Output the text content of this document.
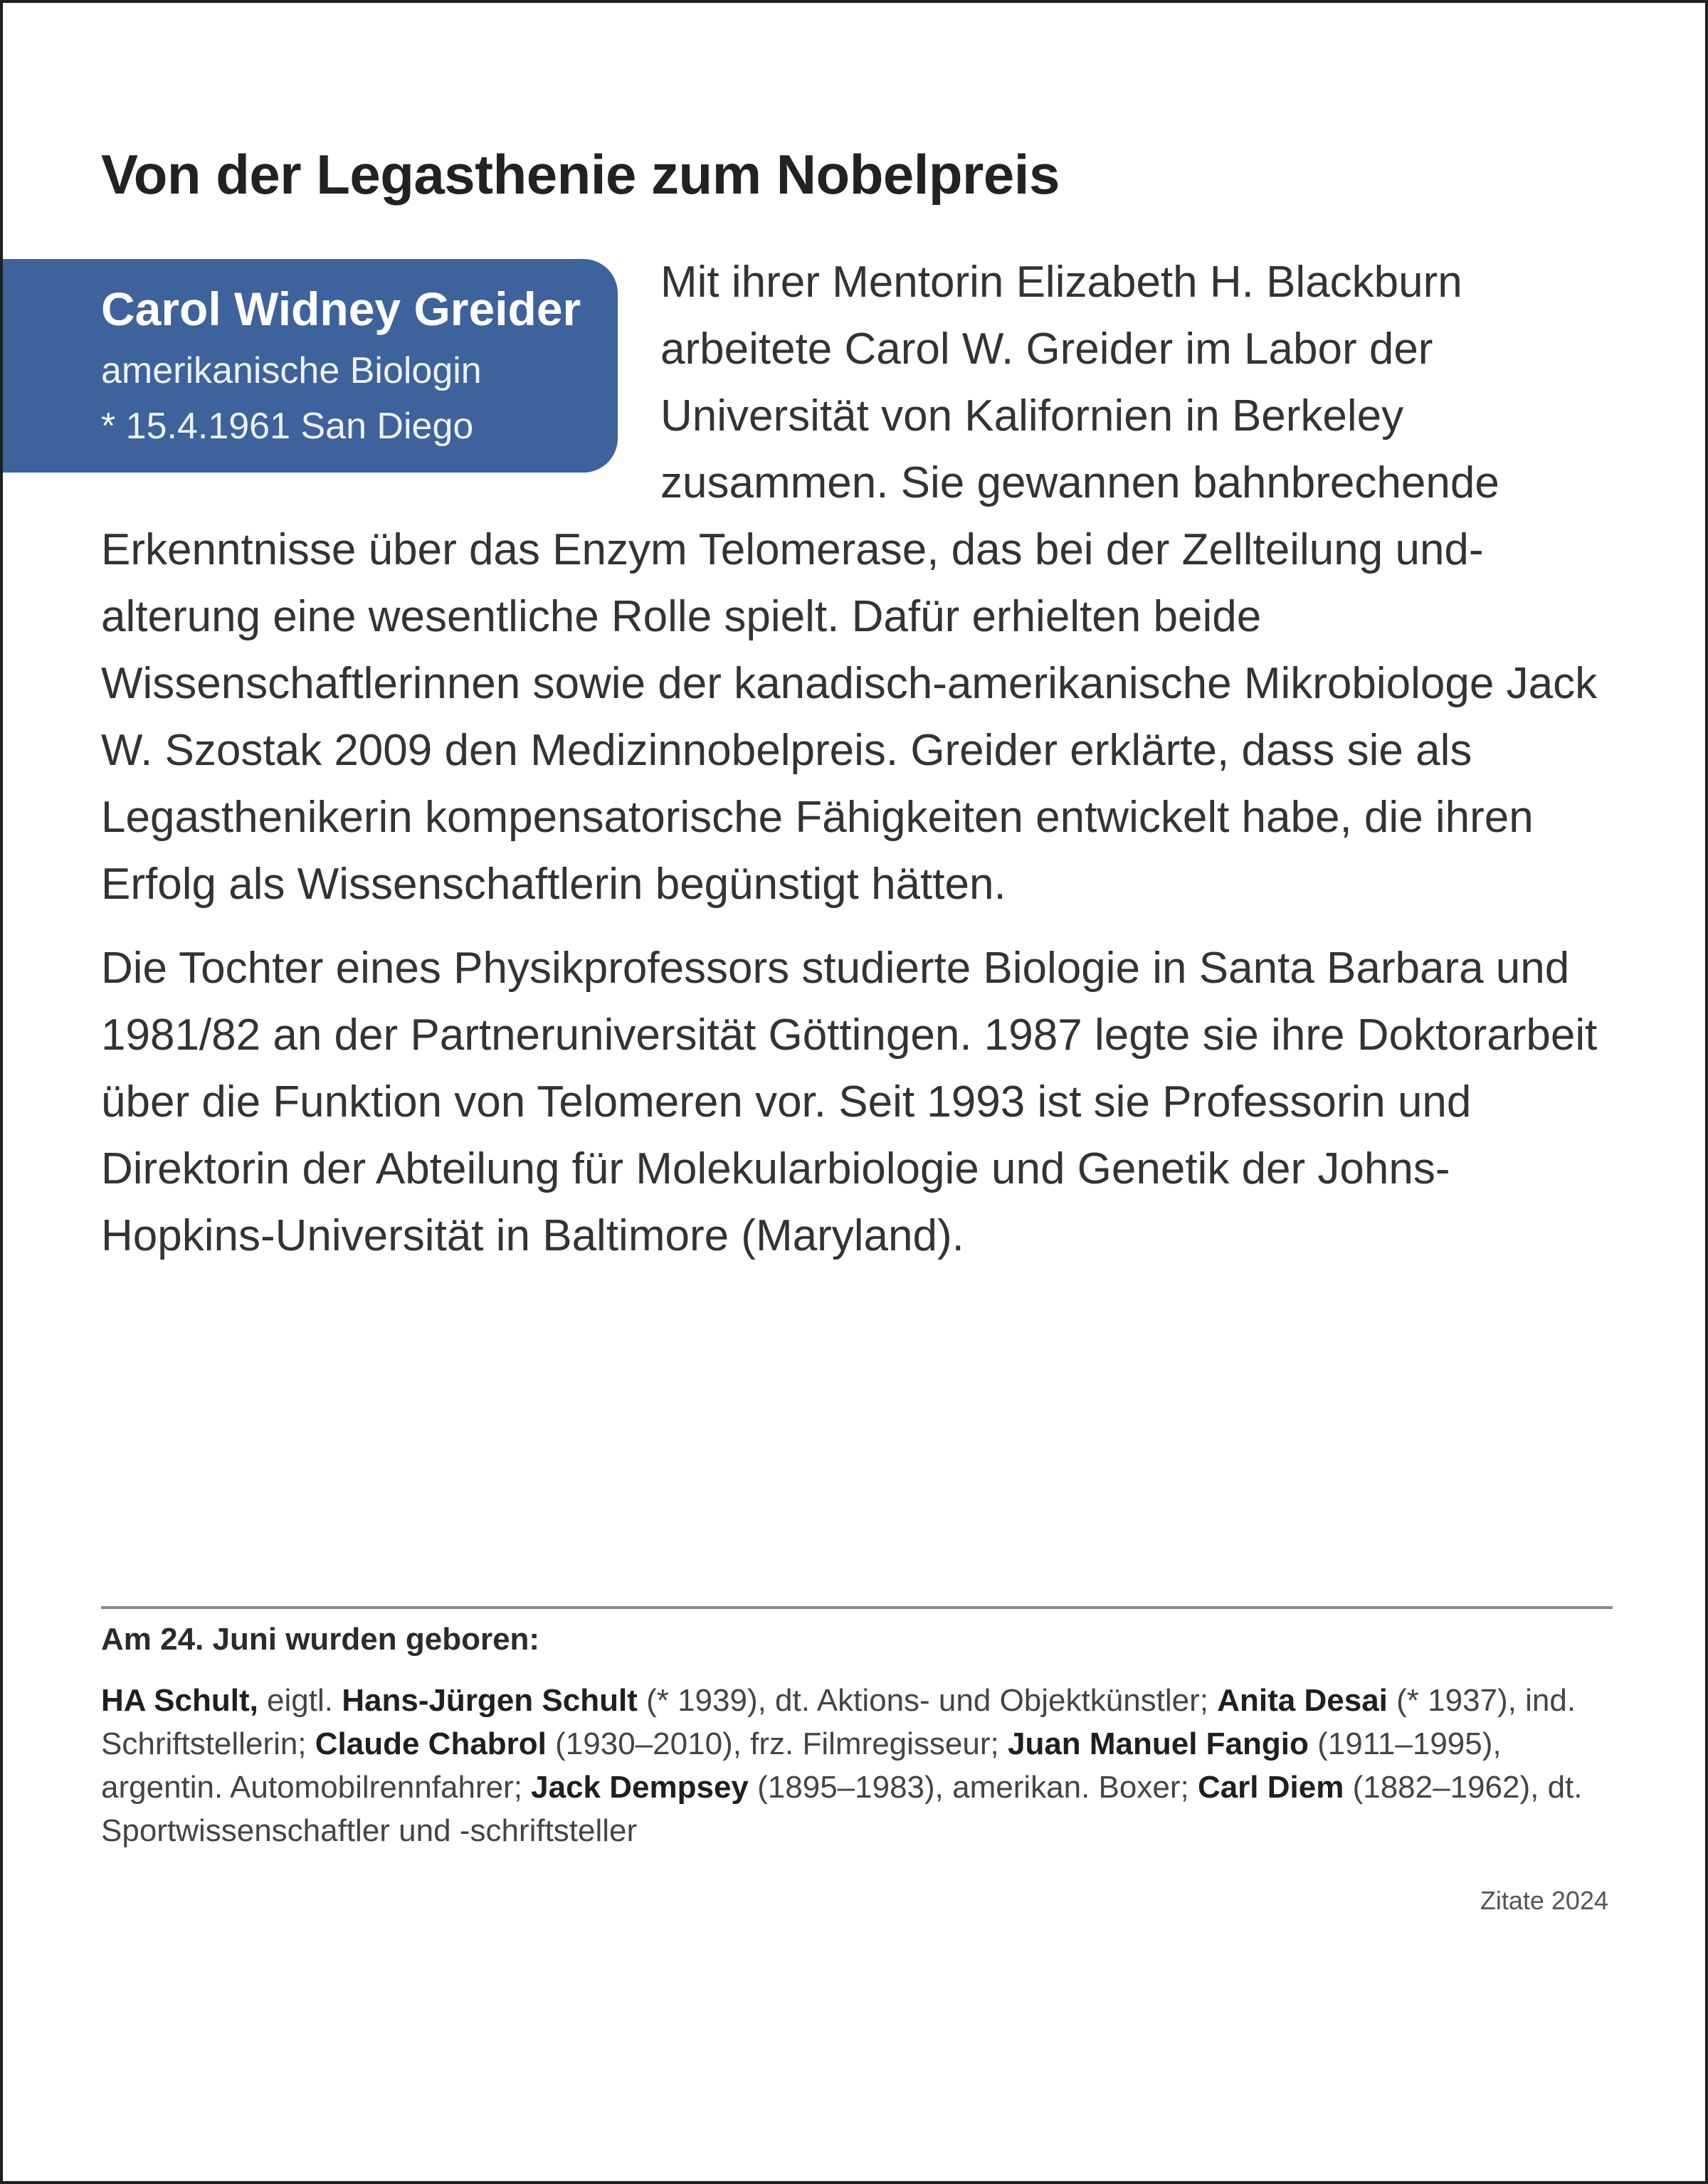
Von der Legasthenie zum Nobelpreis
Carol Widney Greider
amerikanische Biologin
* 15.4.1961 San Diego

Mit ihrer Mentorin Elizabeth H. Blackburn arbeitete Carol W. Greider im Labor der Universität von Kalifornien in Berkeley zusammen. Sie gewannen bahnbrechende Erkenntnisse über das Enzym Telomerase, das bei der Zellteilung und-alterung eine wesentliche Rolle spielt. Dafür erhielten beide Wissenschaftlerinnen sowie der kanadisch-amerikanische Mikrobiologe Jack W. Szostak 2009 den Medizinnobelpreis. Greider erklärte, dass sie als Legasthenikerin kompensatorische Fähigkeiten entwickelt habe, die ihren Erfolg als Wissenschaftlerin begünstigt hätten.

Die Tochter eines Physikprofessors studierte Biologie in Santa Barbara und 1981/82 an der Partneruniversität Göttingen. 1987 legte sie ihre Doktorarbeit über die Funktion von Telomeren vor. Seit 1993 ist sie Professorin und Direktorin der Abteilung für Molekularbiologie und Genetik der Johns-Hopkins-Universität in Baltimore (Maryland).

Am 24. Juni wurden geboren:

HA Schult, eigtl. Hans-Jürgen Schult (* 1939), dt. Aktions- und Objektkünstler; Anita Desai (* 1937), ind. Schriftstellerin; Claude Chabrol (1930–2010), frz. Filmregisseur; Juan Manuel Fangio (1911–1995), argentin. Automobilrennfahrer; Jack Dempsey (1895–1983), amerikan. Boxer; Carl Diem (1882–1962), dt. Sportwissenschaftler und -schriftsteller

Zitate 2024
